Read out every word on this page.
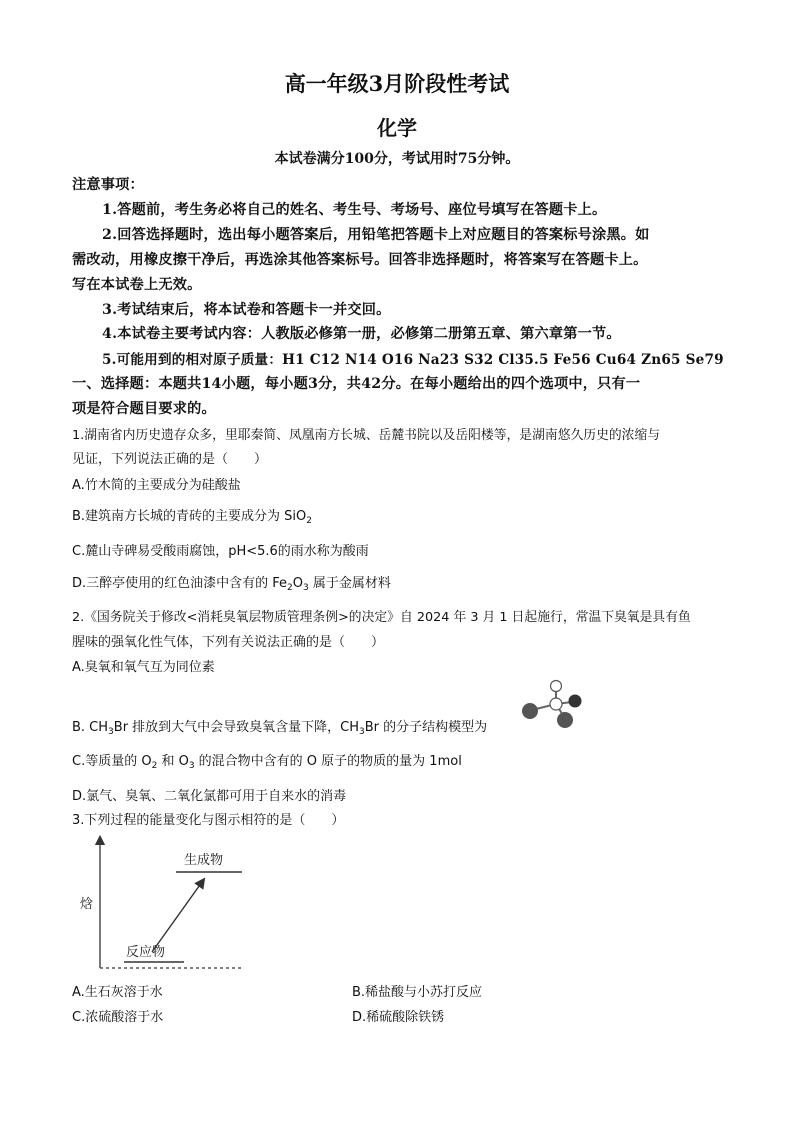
高一年级3月阶段性考试
化学
本试卷满分100分，考试用时75分钟。
注意事项：
1.答题前，考生务必将自己的姓名、考生号、考场号、座位号填写在答题卡上。
2.回答选择题时，选出每小题答案后，用铅笔把答题卡上对应题目的答案标号涂黑。如
需改动，用橡皮擦干净后，再选涂其他答案标号。回答非选择题时，将答案写在答题卡上。
写在本试卷上无效。
3.考试结束后，将本试卷和答题卡一并交回。
4.本试卷主要考试内容：人教版必修第一册，必修第二册第五章、第六章第一节。
5.可能用到的相对原子质量：H1 C12 N14 O16 Na23 S32 Cl35.5 Fe56 Cu64 Zn65 Se79
一、选择题：本题共14小题，每小题3分，共42分。在每小题给出的四个选项中，只有一
项是符合题目要求的。
1.湖南省内历史遗存众多，里耶秦简、凤凰南方长城、岳麓书院以及岳阳楼等，是湖南悠久历史的浓缩与
见证，下列说法正确的是（　　）
A.竹木简的主要成分为硅酸盐
B.建筑南方长城的青砖的主要成分为 SiO$_2$
C.麓山寺碑易受酸雨腐蚀，pH<5.6的雨水称为酸雨
D.三醉亭使用的红色油漆中含有的 $Fe_2O_3$ 属于金属材料
2.《国务院关于修改<消耗臭氧层物质管理条例>的决定》自 2024 年 3 月 1 日起施行，常温下臭氧是具有鱼
腥味的强氧化性气体，下列有关说法正确的是（　　）
A.臭氧和氧气互为同位素
B. $CH_3Br$ 排放到大气中会导致臭氧含量下降，$CH_3Br$ 的分子结构模型为
C.等质量的 $O_2$ 和 $O_3$ 的混合物中含有的 O 原子的物质的量为 1mol
D.氯气、臭氧、二氧化氯都可用于自来水的消毒
3.下列过程的能量变化与图示相符的是（　　）
焓
生成物
反应物
A.生石灰溶于水	B.稀盐酸与小苏打反应
C.浓硫酸溶于水	D.稀硫酸除铁锈
